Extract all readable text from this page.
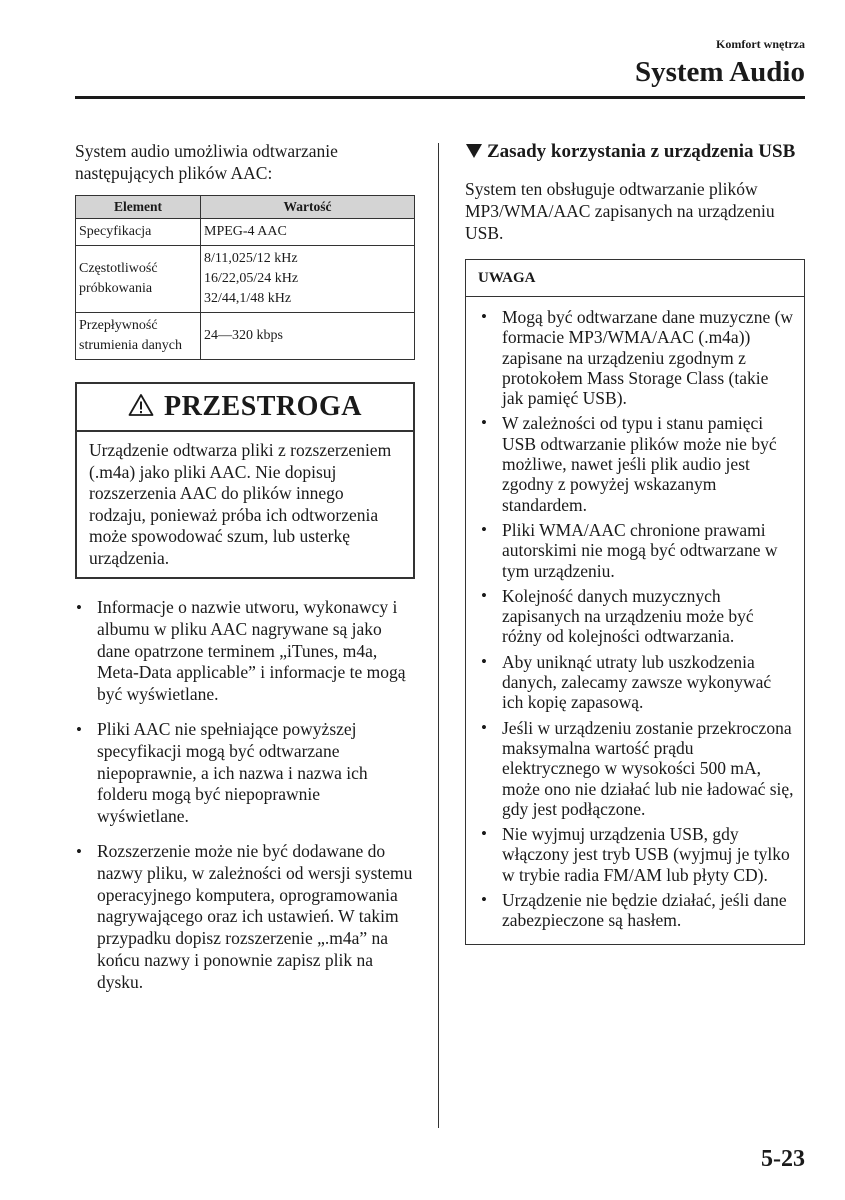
Komfort wnętrza
System Audio

System audio umożliwia odtwarzanie następujących plików AAC:

Element	Wartość
Specyfikacja	MPEG-4 AAC
Częstotliwość próbkowania	8/11,025/12 kHz
16/22,05/24 kHz
32/44,1/48 kHz
Przepływność strumienia danych	24―320 kbps
PRZESTROGA
Urządzenie odtwarza pliki z rozszerzeniem (.m4a) jako pliki AAC. Nie dopisuj rozszerzenia AAC do plików innego rodzaju, ponieważ próba ich odtworzenia może spowodować szum, lub usterkę urządzenia.
• Informacje o nazwie utworu, wykonawcy i albumu w pliku AAC nagrywane są jako dane opatrzone terminem „iTunes, m4a, Meta-Data applicable” i informacje te mogą być wyświetlane.
• Pliki AAC nie spełniające powyższej specyfikacji mogą być odtwarzane niepoprawnie, a ich nazwa i nazwa ich folderu mogą być niepoprawnie wyświetlane.
• Rozszerzenie może nie być dodawane do nazwy pliku, w zależności od wersji systemu operacyjnego komputera, oprogramowania nagrywającego oraz ich ustawień. W takim przypadku dopisz rozszerzenie „.m4a” na końcu nazwy i ponownie zapisz plik na dysku.
Zasady korzystania z urządzenia USB

System ten obsługuje odtwarzanie plików MP3/WMA/AAC zapisanych na urządzeniu USB.

UWAGA
• Mogą być odtwarzane dane muzyczne (w formacie MP3/WMA/AAC (.m4a)) zapisane na urządzeniu zgodnym z protokołem Mass Storage Class (takie jak pamięć USB).
• W zależności od typu i stanu pamięci USB odtwarzanie plików może nie być możliwe, nawet jeśli plik audio jest zgodny z powyżej wskazanym standardem.
• Pliki WMA/AAC chronione prawami autorskimi nie mogą być odtwarzane w tym urządzeniu.
• Kolejność danych muzycznych zapisanych na urządzeniu może być różny od kolejności odtwarzania.
• Aby uniknąć utraty lub uszkodzenia danych, zalecamy zawsze wykonywać ich kopię zapasową.
• Jeśli w urządzeniu zostanie przekroczona maksymalna wartość prądu elektrycznego w wysokości 500 mA, może ono nie działać lub nie ładować się, gdy jest podłączone.
• Nie wyjmuj urządzenia USB, gdy włączony jest tryb USB (wyjmuj je tylko w trybie radia FM/AM lub płyty CD).
• Urządzenie nie będzie działać, jeśli dane zabezpieczone są hasłem.
5-23
